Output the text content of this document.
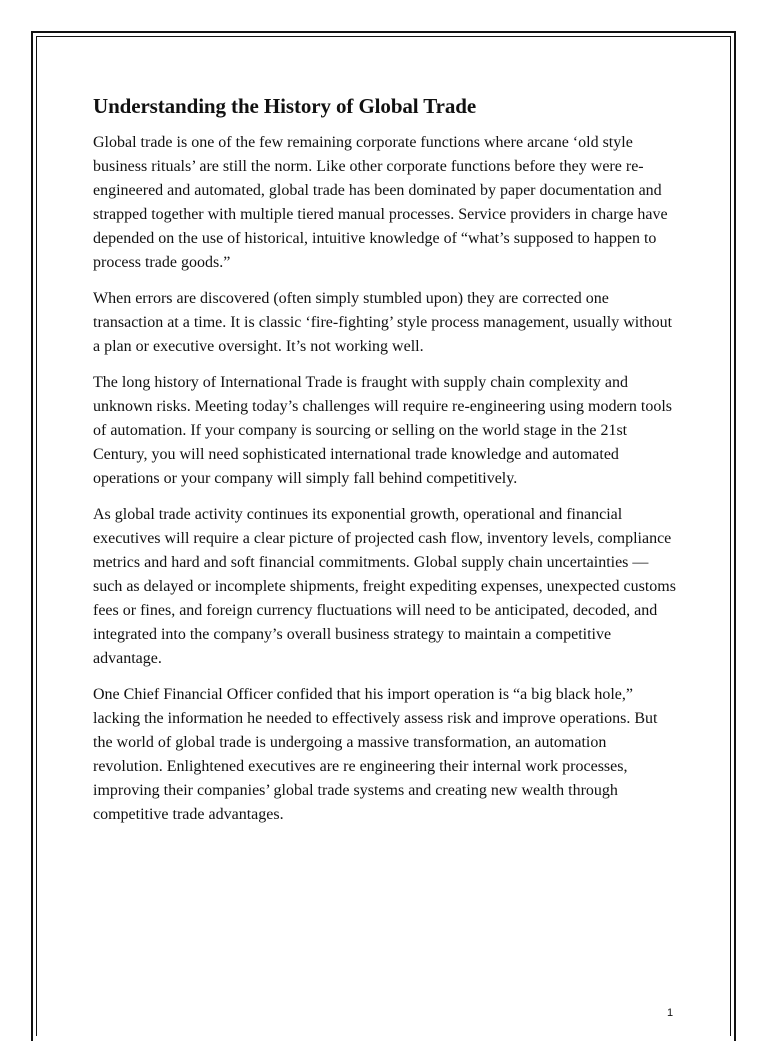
Understanding the History of Global Trade

Global trade is one of the few remaining corporate functions where arcane ‘old style business rituals’ are still the norm. Like other corporate functions before they were re-engineered and automated, global trade has been dominated by paper documentation and strapped together with multiple tiered manual processes. Service providers in charge have depended on the use of historical, intuitive knowledge of “what’s supposed to happen to process trade goods.”

When errors are discovered (often simply stumbled upon) they are corrected one transaction at a time. It is classic ‘fire-fighting’ style process management, usually without a plan or executive oversight. It’s not working well.

The long history of International Trade is fraught with supply chain complexity and unknown risks. Meeting today’s challenges will require re-engineering using modern tools of automation. If your company is sourcing or selling on the world stage in the 21st Century, you will need sophisticated international trade knowledge and automated operations or your company will simply fall behind competitively.

As global trade activity continues its exponential growth, operational and financial executives will require a clear picture of projected cash flow, inventory levels, compliance metrics and hard and soft financial commitments. Global supply chain uncertainties — such as delayed or incomplete shipments, freight expediting expenses, unexpected customs fees or fines, and foreign currency fluctuations will need to be anticipated, decoded, and integrated into the company’s overall business strategy to maintain a competitive advantage.

One Chief Financial Officer confided that his import operation is “a big black hole,” lacking the information he needed to effectively assess risk and improve operations. But the world of global trade is undergoing a massive transformation, an automation revolution. Enlightened executives are re engineering their internal work processes, improving their companies’ global trade systems and creating new wealth through competitive trade advantages.

1
